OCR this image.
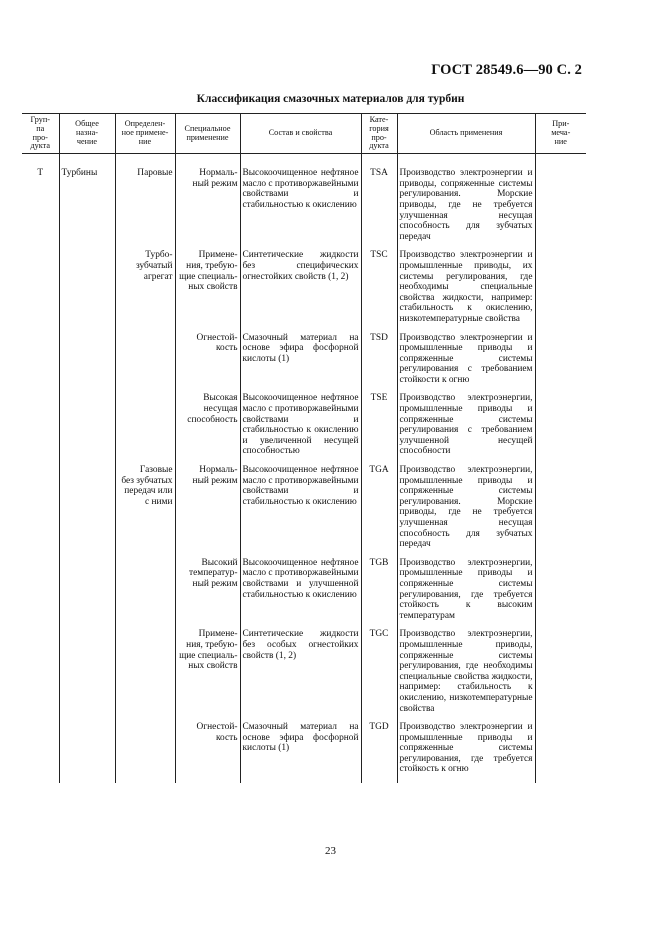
ГОСТ 28549.6—90 С. 2
Классификация смазочных материалов для турбин
Груп-
па
про-
дукта	Общее
назна-
чение	Определен-
ное примене-
ние	Специальное
применение	Состав и свойства	Кате-
гория
про-
дукта	Область применения	При-
меча-
ние

Т	Турбины	Паровые	Нормаль-
ный режим	Высокоочищенное нефтяное масло с противоржавейными свойствами и стабильностью к окислению	TSA	Производство электроэнергии и приводы, сопряженные системы регулирования. Морские приводы, где не требуется улучшенная несущая способность для зубчатых передач	
		Турбо-
зубчатый
агрегат	Примене-
ния, требую-
щие специаль-
ных свойств	Синтетические жидкости без специфических огнестойких свойств (1, 2)	TSC	Производство электроэнергии и промышленные приводы, их системы регулирования, где необходимы специальные свойства жидкости, например: стабильность к окислению, низкотемпературные свойства	
			Огнестой-
кость	Смазочный материал на основе эфира фосфорной кислоты (1)	TSD	Производство электроэнергии и промышленные приводы и сопряженные системы регулирования с требованием стойкости к огню	
			Высокая
несущая
способность	Высокоочищенное нефтяное масло с противоржавейными свойствами и стабильностью к окислению и увеличенной несущей способностью	TSE	Производство электроэнергии, промышленные приводы и сопряженные системы регулирования с требованием улучшенной несущей способности	
		Газовые
без зубчатых
передач или
с ними	Нормаль-
ный режим	Высокоочищенное нефтяное масло с противоржавейными свойствами и стабильностью к окислению	TGA	Производство электроэнергии, промышленные приводы и сопряженные системы регулирования. Морские приводы, где не требуется улучшенная несущая способность для зубчатых передач	
			Высокий
температур-
ный режим	Высокоочищенное нефтяное масло с противоржавейными свойствами и улучшенной стабильностью к окислению	TGB	Производство электроэнергии, промышленные приводы и сопряженные системы регулирования, где требуется стойкость к высоким температурам	
			Примене-
ния, требую-
щие специаль-
ных свойств	Синтетические жидкости без особых огнестойких свойств (1, 2)	TGC	Производство электроэнергии, промышленные приводы, сопряженные системы регулирования, где необходимы специальные свойства жидкости, например: стабильность к окислению, низкотемпературные свойства	
			Огнестой-
кость	Смазочный материал на основе эфира фосфорной кислоты (1)	TGD	Производство электроэнергии и промышленные приводы и сопряженные системы регулирования, где требуется стойкость к огню	
23
